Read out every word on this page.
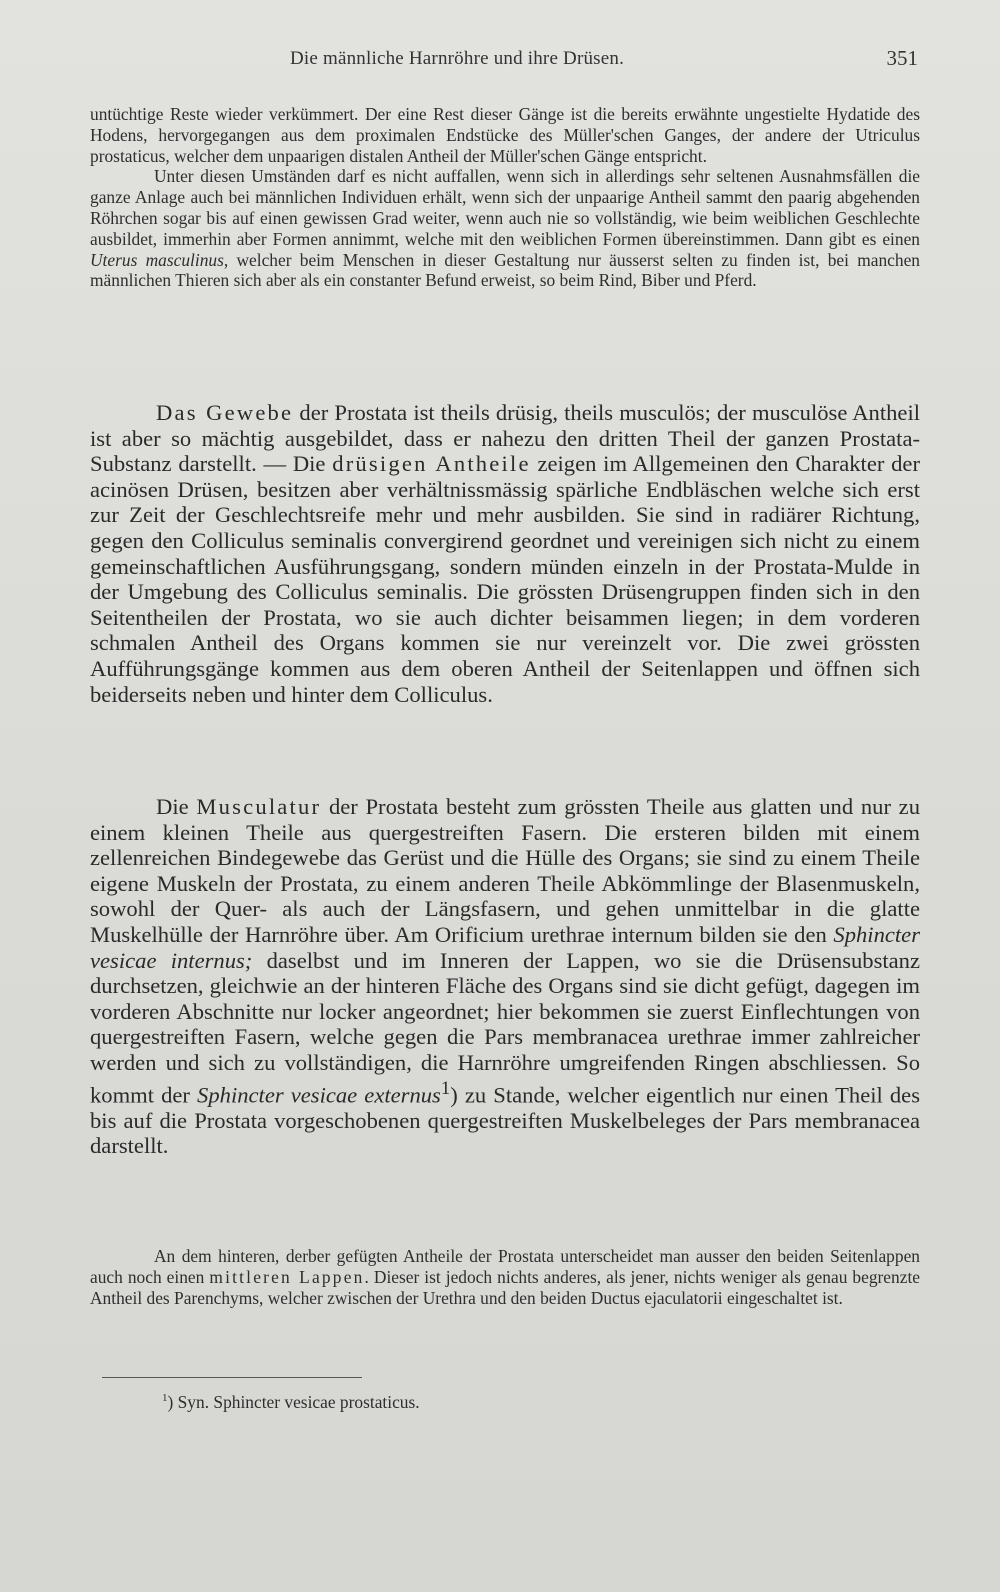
Die männliche Harnröhre und ihre Drüsen.	351

untüchtige Reste wieder verkümmert. Der eine Rest dieser Gänge ist die bereits erwähnte ungestielte Hydatide des Hodens, hervorgegangen aus dem proximalen Endstücke des Müller'schen Ganges, der andere der Utriculus prostaticus, welcher dem unpaarigen distalen Antheil der Müller'schen Gänge entspricht.

Unter diesen Umständen darf es nicht auffallen, wenn sich in allerdings sehr seltenen Ausnahmsfällen die ganze Anlage auch bei männlichen Individuen erhält, wenn sich der unpaarige Antheil sammt den paarig abgehenden Röhrchen sogar bis auf einen gewissen Grad weiter, wenn auch nie so vollständig, wie beim weiblichen Geschlechte ausbildet, immerhin aber Formen annimmt, welche mit den weiblichen Formen übereinstimmen. Dann gibt es einen Uterus masculinus, welcher beim Menschen in dieser Gestaltung nur äusserst selten zu finden ist, bei manchen männlichen Thieren sich aber als ein constanter Befund erweist, so beim Rind, Biber und Pferd.

Das Gewebe der Prostata ist theils drüsig, theils musculös; der musculöse Antheil ist aber so mächtig ausgebildet, dass er nahezu den dritten Theil der ganzen Prostata-Substanz darstellt. — Die drüsigen Antheile zeigen im Allgemeinen den Charakter der acinösen Drüsen, besitzen aber verhältnissmässig spärliche Endbläschen welche sich erst zur Zeit der Geschlechtsreife mehr und mehr ausbilden. Sie sind in radiärer Richtung, gegen den Colliculus seminalis convergirend geordnet und vereinigen sich nicht zu einem gemeinschaftlichen Ausführungsgang, sondern münden einzeln in der Prostata-Mulde in der Umgebung des Colliculus seminalis. Die grössten Drüsengruppen finden sich in den Seitentheilen der Prostata, wo sie auch dichter beisammen liegen; in dem vorderen schmalen Antheil des Organs kommen sie nur vereinzelt vor. Die zwei grössten Aufführungsgänge kommen aus dem oberen Antheil der Seitenlappen und öffnen sich beiderseits neben und hinter dem Colliculus.

Die Musculatur der Prostata besteht zum grössten Theile aus glatten und nur zu einem kleinen Theile aus quergestreiften Fasern. Die ersteren bilden mit einem zellenreichen Bindegewebe das Gerüst und die Hülle des Organs; sie sind zu einem Theile eigene Muskeln der Prostata, zu einem anderen Theile Abkömmlinge der Blasenmuskeln, sowohl der Quer- als auch der Längsfasern, und gehen unmittelbar in die glatte Muskelhülle der Harnröhre über. Am Orificium urethrae internum bilden sie den Sphincter vesicae internus; daselbst und im Inneren der Lappen, wo sie die Drüsensubstanz durchsetzen, gleichwie an der hinteren Fläche des Organs sind sie dicht gefügt, dagegen im vorderen Abschnitte nur locker angeordnet; hier bekommen sie zuerst Einflechtungen von quergestreiften Fasern, welche gegen die Pars membranacea urethrae immer zahlreicher werden und sich zu vollständigen, die Harnröhre umgreifenden Ringen abschliessen. So kommt der Sphincter vesicae externus$^1$) zu Stande, welcher eigentlich nur einen Theil des bis auf die Prostata vorgeschobenen quergestreiften Muskelbeleges der Pars membranacea darstellt.

An dem hinteren, derber gefügten Antheile der Prostata unterscheidet man ausser den beiden Seitenlappen auch noch einen mittleren Lappen. Dieser ist jedoch nichts anderes, als jener, nichts weniger als genau begrenzte Antheil des Parenchyms, welcher zwischen der Urethra und den beiden Ductus ejaculatorii eingeschaltet ist.

$^1$) Syn. Sphincter vesicae prostaticus.
